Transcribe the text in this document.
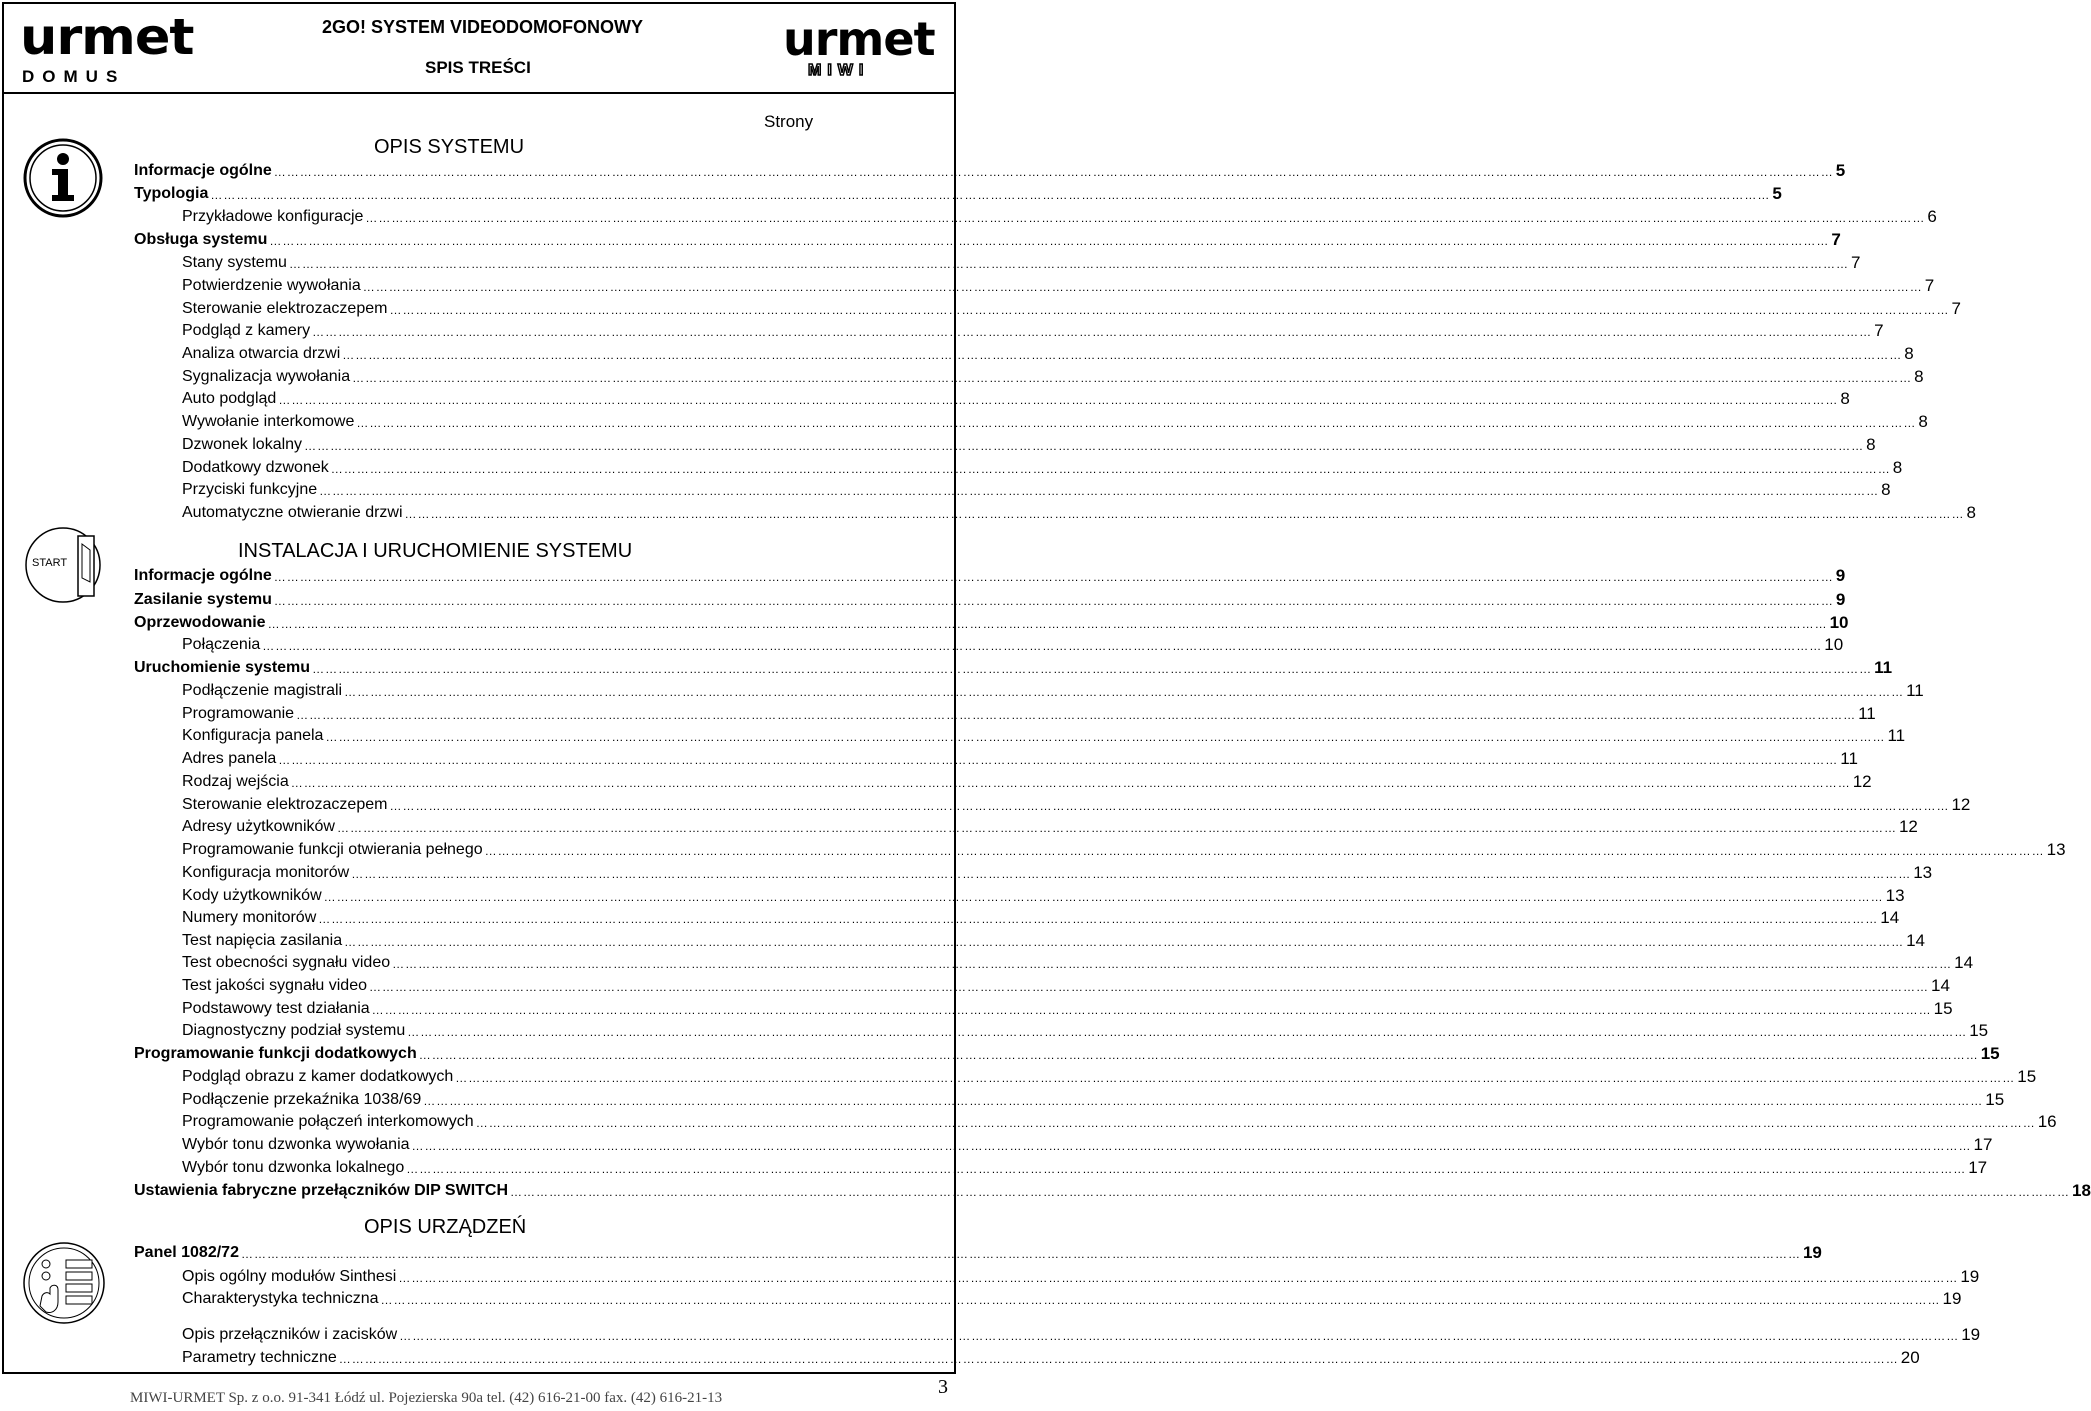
urmet
DOMUS
urmet
MIWI
2GO! SYSTEM VIDEODOMOFONOWY
SPIS TREŚCI
Strony
START
OPIS SYSTEMU
Informacje ogólne ……………………………………………………………………………………………………………………………………………………………………………………………………………………………………………………………………………………………………………………………… 5
Typologia ……………………………………………………………………………………………………………………………………………………………………………………………………………………………………………………………………………………………………………………………… 5
Przykładowe konfiguracje ……………………………………………………………………………………………………………………………………………………………………………………………………………………………………………………………………………………………………………………………… 6
Obsługa systemu ……………………………………………………………………………………………………………………………………………………………………………………………………………………………………………………………………………………………………………………………… 7
Stany systemu ……………………………………………………………………………………………………………………………………………………………………………………………………………………………………………………………………………………………………………………………… 7
Potwierdzenie wywołania ……………………………………………………………………………………………………………………………………………………………………………………………………………………………………………………………………………………………………………………………… 7
Sterowanie elektrozaczepem ……………………………………………………………………………………………………………………………………………………………………………………………………………………………………………………………………………………………………………………………… 7
Podgląd z kamery ……………………………………………………………………………………………………………………………………………………………………………………………………………………………………………………………………………………………………………………………… 7
Analiza otwarcia drzwi ……………………………………………………………………………………………………………………………………………………………………………………………………………………………………………………………………………………………………………………………… 8
Sygnalizacja wywołania ……………………………………………………………………………………………………………………………………………………………………………………………………………………………………………………………………………………………………………………………… 8
Auto podgląd ……………………………………………………………………………………………………………………………………………………………………………………………………………………………………………………………………………………………………………………………… 8
Wywołanie interkomowe ……………………………………………………………………………………………………………………………………………………………………………………………………………………………………………………………………………………………………………………………… 8
Dzwonek lokalny ……………………………………………………………………………………………………………………………………………………………………………………………………………………………………………………………………………………………………………………………… 8
Dodatkowy dzwonek ……………………………………………………………………………………………………………………………………………………………………………………………………………………………………………………………………………………………………………………………… 8
Przyciski funkcyjne ……………………………………………………………………………………………………………………………………………………………………………………………………………………………………………………………………………………………………………………………… 8
Automatyczne otwieranie drzwi ……………………………………………………………………………………………………………………………………………………………………………………………………………………………………………………………………………………………………………………………… 8
INSTALACJA I URUCHOMIENIE SYSTEMU
Informacje ogólne ……………………………………………………………………………………………………………………………………………………………………………………………………………………………………………………………………………………………………………………………… 9
Zasilanie systemu ……………………………………………………………………………………………………………………………………………………………………………………………………………………………………………………………………………………………………………………………… 9
Oprzewodowanie ……………………………………………………………………………………………………………………………………………………………………………………………………………………………………………………………………………………………………………………………… 10
Połączenia ……………………………………………………………………………………………………………………………………………………………………………………………………………………………………………………………………………………………………………………………… 10
Uruchomienie systemu ……………………………………………………………………………………………………………………………………………………………………………………………………………………………………………………………………………………………………………………………… 11
Podłączenie magistrali ……………………………………………………………………………………………………………………………………………………………………………………………………………………………………………………………………………………………………………………………… 11
Programowanie ……………………………………………………………………………………………………………………………………………………………………………………………………………………………………………………………………………………………………………………………… 11
Konfiguracja panela ……………………………………………………………………………………………………………………………………………………………………………………………………………………………………………………………………………………………………………………………… 11
Adres panela ……………………………………………………………………………………………………………………………………………………………………………………………………………………………………………………………………………………………………………………………… 11
Rodzaj wejścia ……………………………………………………………………………………………………………………………………………………………………………………………………………………………………………………………………………………………………………………………… 12
Sterowanie elektrozaczepem ……………………………………………………………………………………………………………………………………………………………………………………………………………………………………………………………………………………………………………………………… 12
Adresy użytkowników ……………………………………………………………………………………………………………………………………………………………………………………………………………………………………………………………………………………………………………………………… 12
Programowanie funkcji otwierania pełnego ……………………………………………………………………………………………………………………………………………………………………………………………………………………………………………………………………………………………………………………………… 13
Konfiguracja monitorów ……………………………………………………………………………………………………………………………………………………………………………………………………………………………………………………………………………………………………………………………… 13
Kody użytkowników ……………………………………………………………………………………………………………………………………………………………………………………………………………………………………………………………………………………………………………………………… 13
Numery monitorów ……………………………………………………………………………………………………………………………………………………………………………………………………………………………………………………………………………………………………………………………… 14
Test napięcia zasilania ……………………………………………………………………………………………………………………………………………………………………………………………………………………………………………………………………………………………………………………………… 14
Test obecności sygnału video ……………………………………………………………………………………………………………………………………………………………………………………………………………………………………………………………………………………………………………………………… 14
Test jakości sygnału video ……………………………………………………………………………………………………………………………………………………………………………………………………………………………………………………………………………………………………………………………… 14
Podstawowy test działania ……………………………………………………………………………………………………………………………………………………………………………………………………………………………………………………………………………………………………………………………… 15
Diagnostyczny podział systemu ……………………………………………………………………………………………………………………………………………………………………………………………………………………………………………………………………………………………………………………………… 15
Programowanie funkcji dodatkowych ……………………………………………………………………………………………………………………………………………………………………………………………………………………………………………………………………………………………………………………………… 15
Podgląd obrazu z kamer dodatkowych ……………………………………………………………………………………………………………………………………………………………………………………………………………………………………………………………………………………………………………………………… 15
Podłączenie przekaźnika 1038/69 ……………………………………………………………………………………………………………………………………………………………………………………………………………………………………………………………………………………………………………………………… 15
Programowanie połączeń interkomowych ……………………………………………………………………………………………………………………………………………………………………………………………………………………………………………………………………………………………………………………………… 16
Wybór tonu dzwonka wywołania ……………………………………………………………………………………………………………………………………………………………………………………………………………………………………………………………………………………………………………………………… 17
Wybór tonu dzwonka lokalnego ……………………………………………………………………………………………………………………………………………………………………………………………………………………………………………………………………………………………………………………………… 17
Ustawienia fabryczne przełączników DIP SWITCH ……………………………………………………………………………………………………………………………………………………………………………………………………………………………………………………………………………………………………………………………… 18
OPIS URZĄDZEŃ
Panel 1082/72 ……………………………………………………………………………………………………………………………………………………………………………………………………………………………………………………………………………………………………………………………… 19
Opis ogólny modułów Sinthesi ……………………………………………………………………………………………………………………………………………………………………………………………………………………………………………………………………………………………………………………………… 19
Charakterystyka techniczna ……………………………………………………………………………………………………………………………………………………………………………………………………………………………………………………………………………………………………………………………… 19
Opis przełączników i zacisków ……………………………………………………………………………………………………………………………………………………………………………………………………………………………………………………………………………………………………………………………… 19
Parametry techniczne ……………………………………………………………………………………………………………………………………………………………………………………………………………………………………………………………………………………………………………………………… 20
MIWI-URMET Sp. z o.o. 91-341 Łódź ul. Pojezierska 90a tel. (42) 616-21-00 fax. (42) 616-21-13	3
